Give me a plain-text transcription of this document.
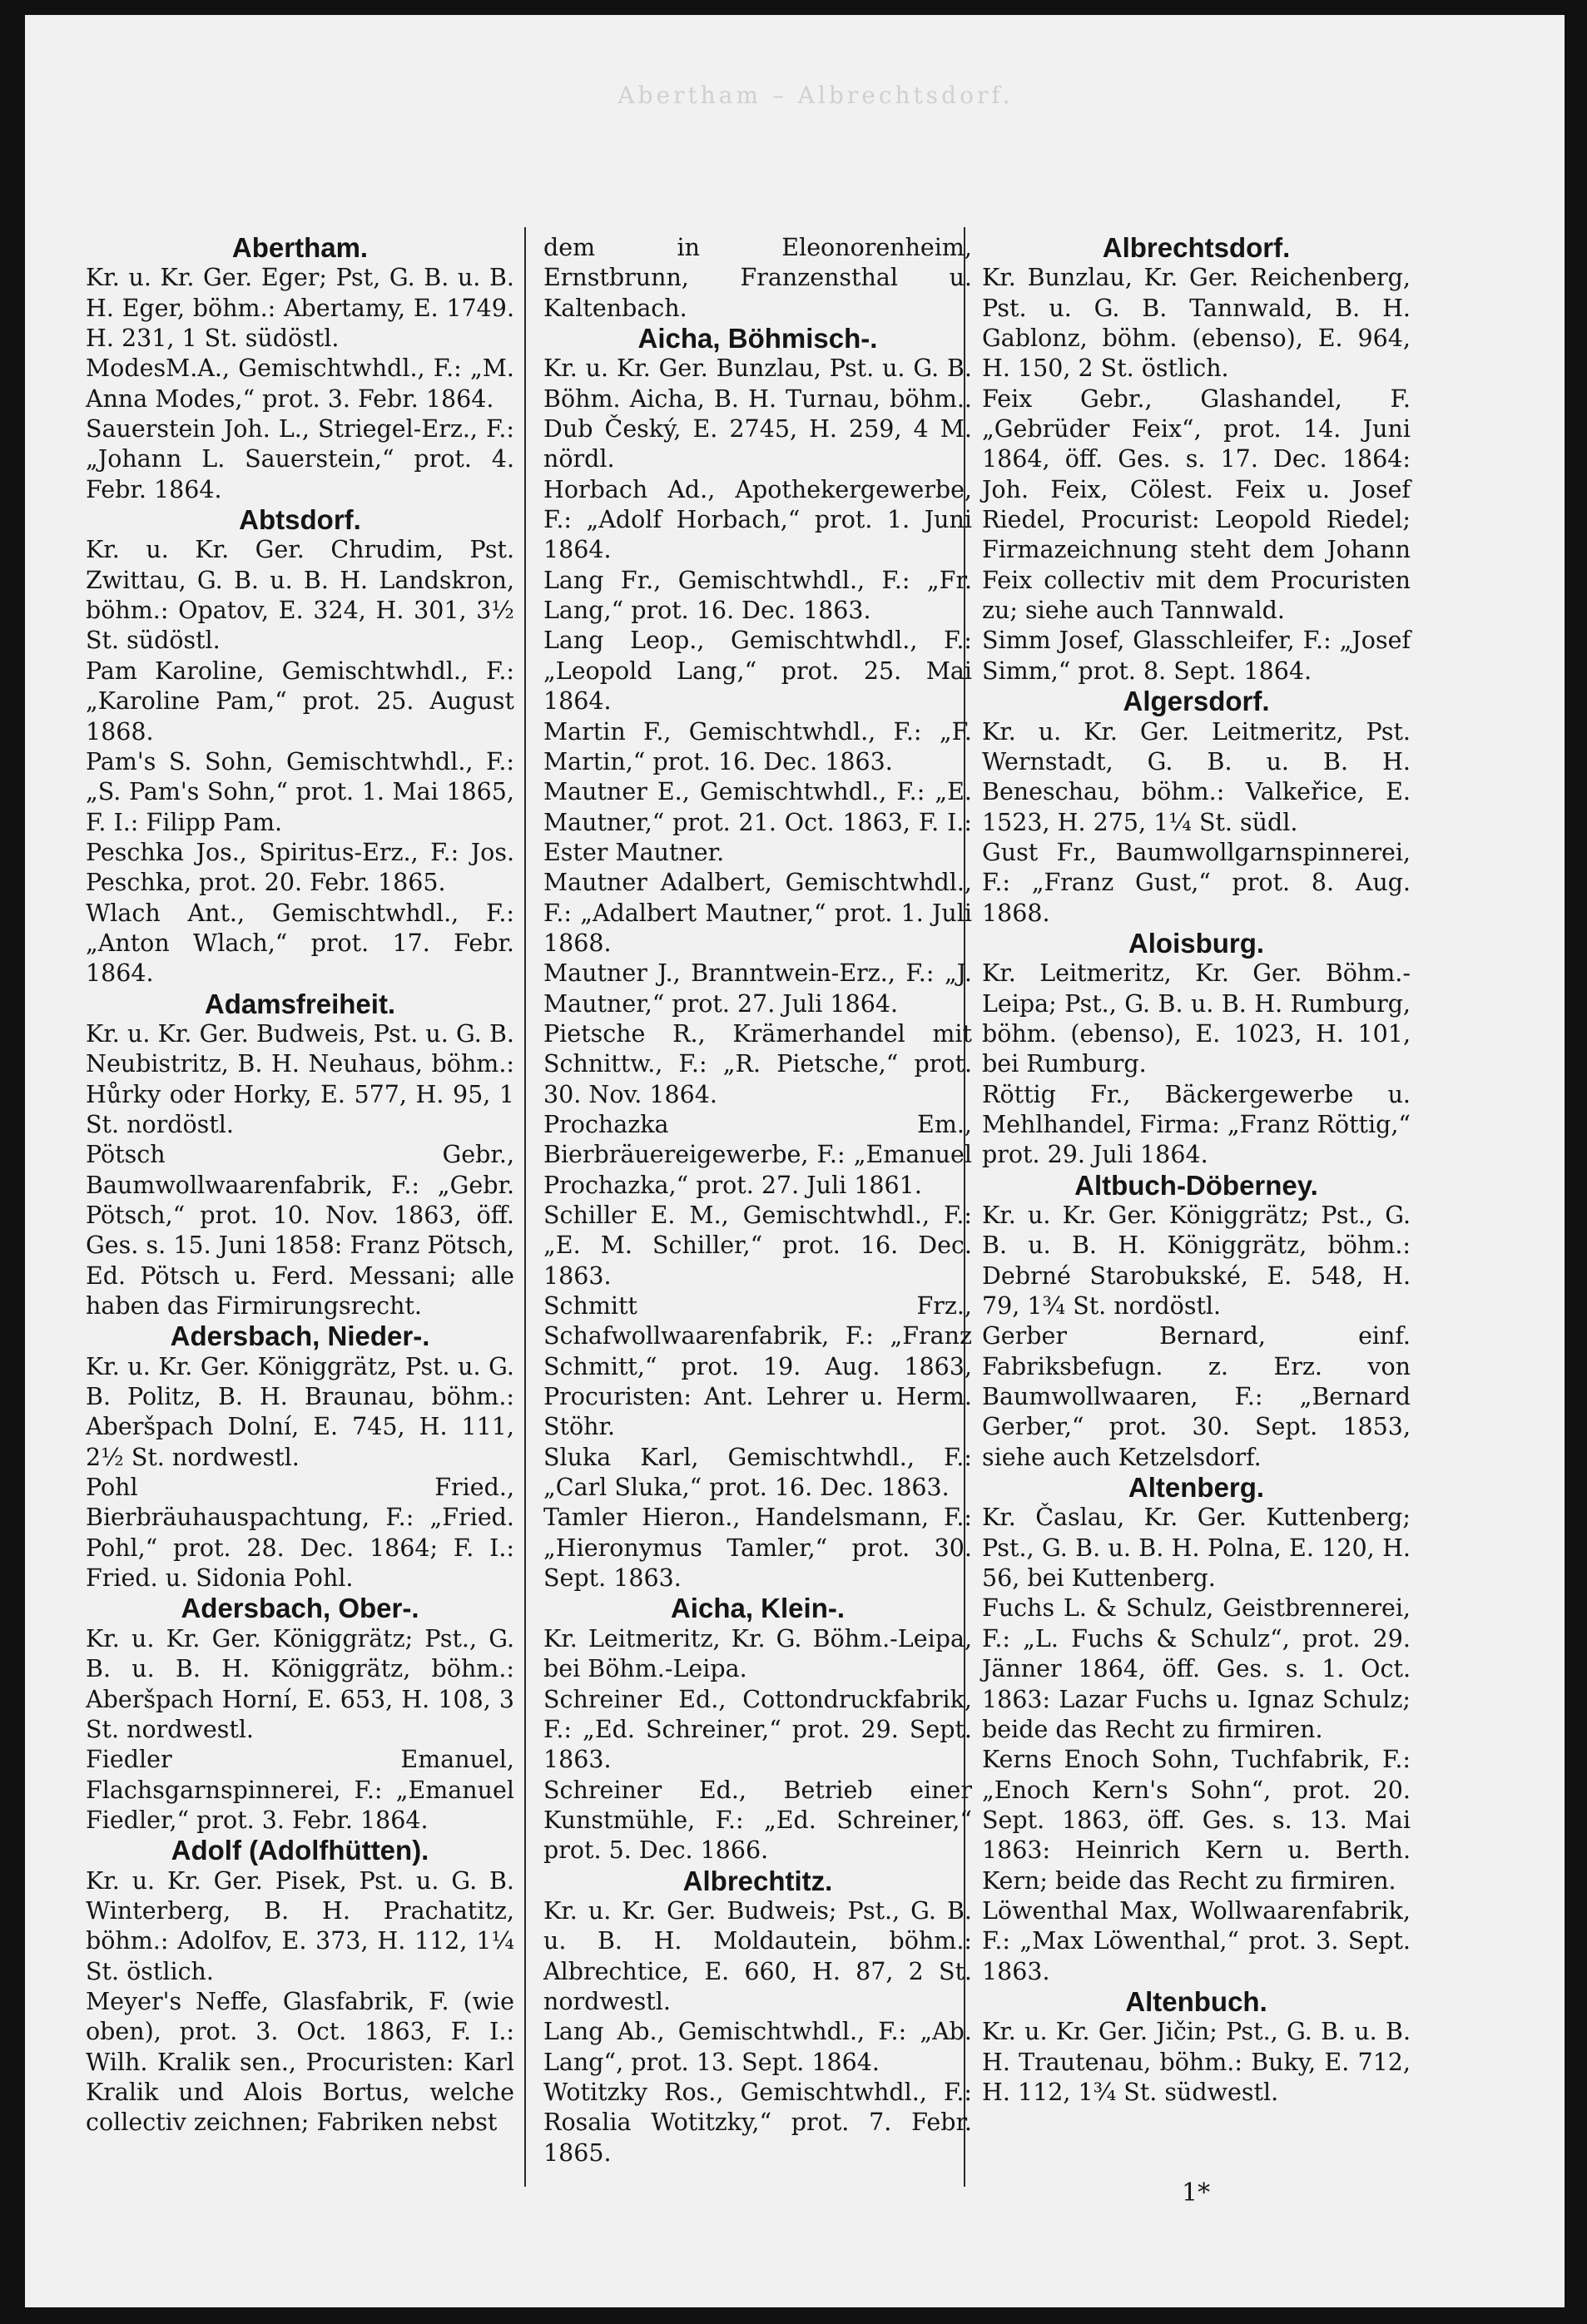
Abertham – Albrechtsdorf.
Abertham.
Kr. u. Kr. Ger. Eger; Pst, G. B. u. B. H. Eger, böhm.: Abertamy, E. 1749. H. 231, 1 St. südöstl.
ModesM.A., Gemischtwhdl., F.: „M. Anna Modes,“ prot. 3. Febr. 1864.
Sauerstein Joh. L., Striegel-Erz., F.: „Johann L. Sauerstein,“ prot. 4. Febr. 1864.
Abtsdorf.
Kr. u. Kr. Ger. Chrudim, Pst. Zwittau, G. B. u. B. H. Landskron, böhm.: Opatov, E. 324, H. 301, 3½ St. südöstl.
Pam Karoline, Gemischtwhdl., F.: „Karoline Pam,“ prot. 25. August 1868.
Pam's S. Sohn, Gemischtwhdl., F.: „S. Pam's Sohn,“ prot. 1. Mai 1865, F. I.: Filipp Pam.
Peschka Jos., Spiritus-Erz., F.: Jos. Peschka, prot. 20. Febr. 1865.
Wlach Ant., Gemischtwhdl., F.: „Anton Wlach,“ prot. 17. Febr. 1864.
Adamsfreiheit.
Kr. u. Kr. Ger. Budweis, Pst. u. G. B. Neubistritz, B. H. Neuhaus, böhm.: Hůrky oder Horky, E. 577, H. 95, 1 St. nordöstl.
Pötsch Gebr., Baumwollwaarenfabrik, F.: „Gebr. Pötsch,“ prot. 10. Nov. 1863, öff. Ges. s. 15. Juni 1858: Franz Pötsch, Ed. Pötsch u. Ferd. Messani; alle haben das Firmirungsrecht.
Adersbach, Nieder-.
Kr. u. Kr. Ger. Königgrätz, Pst. u. G. B. Politz, B. H. Braunau, böhm.: Aberšpach Dolní, E. 745, H. 111, 2½ St. nordwestl.
Pohl Fried., Bierbräuhauspachtung, F.: „Fried. Pohl,“ prot. 28. Dec. 1864; F. I.: Fried. u. Sidonia Pohl.
Adersbach, Ober-.
Kr. u. Kr. Ger. Königgrätz; Pst., G. B. u. B. H. Königgrätz, böhm.: Aberšpach Horní, E. 653, H. 108, 3 St. nordwestl.
Fiedler Emanuel, Flachsgarnspinnerei, F.: „Emanuel Fiedler,“ prot. 3. Febr. 1864.
Adolf (Adolfhütten).
Kr. u. Kr. Ger. Pisek, Pst. u. G. B. Winterberg, B. H. Prachatitz, böhm.: Adolfov, E. 373, H. 112, 1¼ St. östlich.
Meyer's Neffe, Glasfabrik, F. (wie oben), prot. 3. Oct. 1863, F. I.: Wilh. Kralik sen., Procuristen: Karl Kralik und Alois Bortus, welche collectiv zeichnen; Fabriken nebst
dem in Eleonorenheim, Ernstbrunn, Franzensthal u. Kaltenbach.
Aicha, Böhmisch-.
Kr. u. Kr. Ger. Bunzlau, Pst. u. G. B. Böhm. Aicha, B. H. Turnau, böhm.. Dub Český, E. 2745, H. 259, 4 M. nördl.
Horbach Ad., Apothekergewerbe, F.: „Adolf Horbach,“ prot. 1. Juni 1864.
Lang Fr., Gemischtwhdl., F.: „Fr. Lang,“ prot. 16. Dec. 1863.
Lang Leop., Gemischtwhdl., F.: „Leopold Lang,“ prot. 25. Mai 1864.
Martin F., Gemischtwhdl., F.: „F. Martin,“ prot. 16. Dec. 1863.
Mautner E., Gemischtwhdl., F.: „E. Mautner,“ prot. 21. Oct. 1863, F. I.: Ester Mautner.
Mautner Adalbert, Gemischtwhdl., F.: „Adalbert Mautner,“ prot. 1. Juli 1868.
Mautner J., Branntwein-Erz., F.: „J. Mautner,“ prot. 27. Juli 1864.
Pietsche R., Krämerhandel mit Schnittw., F.: „R. Pietsche,“ prot. 30. Nov. 1864.
Prochazka Em., Bierbräuereigewerbe, F.: „Emanuel Prochazka,“ prot. 27. Juli 1861.
Schiller E. M., Gemischtwhdl., F.: „E. M. Schiller,“ prot. 16. Dec. 1863.
Schmitt Frz., Schafwollwaarenfabrik, F.: „Franz Schmitt,“ prot. 19. Aug. 1863, Procuristen: Ant. Lehrer u. Herm. Stöhr.
Sluka Karl, Gemischtwhdl., F.: „Carl Sluka,“ prot. 16. Dec. 1863.
Tamler Hieron., Handelsmann, F.: „Hieronymus Tamler,“ prot. 30. Sept. 1863.
Aicha, Klein-.
Kr. Leitmeritz, Kr. G. Böhm.-Leipa, bei Böhm.-Leipa.
Schreiner Ed., Cottondruckfabrik, F.: „Ed. Schreiner,“ prot. 29. Sept. 1863.
Schreiner Ed., Betrieb einer Kunstmühle, F.: „Ed. Schreiner,“ prot. 5. Dec. 1866.
Albrechtitz.
Kr. u. Kr. Ger. Budweis; Pst., G. B. u. B. H. Moldautein, böhm.: Albrechtice, E. 660, H. 87, 2 St. nordwestl.
Lang Ab., Gemischtwhdl., F.: „Ab. Lang“, prot. 13. Sept. 1864.
Wotitzky Ros., Gemischtwhdl., F.: Rosalia Wotitzky,“ prot. 7. Febr. 1865.
Albrechtsdorf.
Kr. Bunzlau, Kr. Ger. Reichenberg, Pst. u. G. B. Tannwald, B. H. Gablonz, böhm. (ebenso), E. 964, H. 150, 2 St. östlich.
Feix Gebr., Glashandel, F. „Gebrüder Feix“, prot. 14. Juni 1864, öff. Ges. s. 17. Dec. 1864: Joh. Feix, Cölest. Feix u. Josef Riedel, Procurist: Leopold Riedel; Firmazeichnung steht dem Johann Feix collectiv mit dem Procuristen zu; siehe auch Tannwald.
Simm Josef, Glasschleifer, F.: „Josef Simm,“ prot. 8. Sept. 1864.
Algersdorf.
Kr. u. Kr. Ger. Leitmeritz, Pst. Wernstadt, G. B. u. B. H. Beneschau, böhm.: Valkeřice, E. 1523, H. 275, 1¼ St. südl.
Gust Fr., Baumwollgarnspinnerei, F.: „Franz Gust,“ prot. 8. Aug. 1868.
Aloisburg.
Kr. Leitmeritz, Kr. Ger. Böhm.-Leipa; Pst., G. B. u. B. H. Rumburg, böhm. (ebenso), E. 1023, H. 101, bei Rumburg.
Röttig Fr., Bäckergewerbe u. Mehlhandel, Firma: „Franz Röttig,“ prot. 29. Juli 1864.
Altbuch-Döberney.
Kr. u. Kr. Ger. Königgrätz; Pst., G. B. u. B. H. Königgrätz, böhm.: Debrné Starobukské, E. 548, H. 79, 1¾ St. nordöstl.
Gerber Bernard, einf. Fabriksbefugn. z. Erz. von Baumwollwaaren, F.: „Bernard Gerber,“ prot. 30. Sept. 1853, siehe auch Ketzelsdorf.
Altenberg.
Kr. Časlau, Kr. Ger. Kuttenberg; Pst., G. B. u. B. H. Polna, E. 120, H. 56, bei Kuttenberg.
Fuchs L. & Schulz, Geistbrennerei, F.: „L. Fuchs & Schulz“, prot. 29. Jänner 1864, öff. Ges. s. 1. Oct. 1863: Lazar Fuchs u. Ignaz Schulz; beide das Recht zu firmiren.
Kerns Enoch Sohn, Tuchfabrik, F.: „Enoch Kern's Sohn“, prot. 20. Sept. 1863, öff. Ges. s. 13. Mai 1863: Heinrich Kern u. Berth. Kern; beide das Recht zu firmiren.
Löwenthal Max, Wollwaarenfabrik, F.: „Max Löwenthal,“ prot. 3. Sept. 1863.
Altenbuch.
Kr. u. Kr. Ger. Jičin; Pst., G. B. u. B. H. Trautenau, böhm.: Buky, E. 712, H. 112, 1¾ St. südwestl.
1*
